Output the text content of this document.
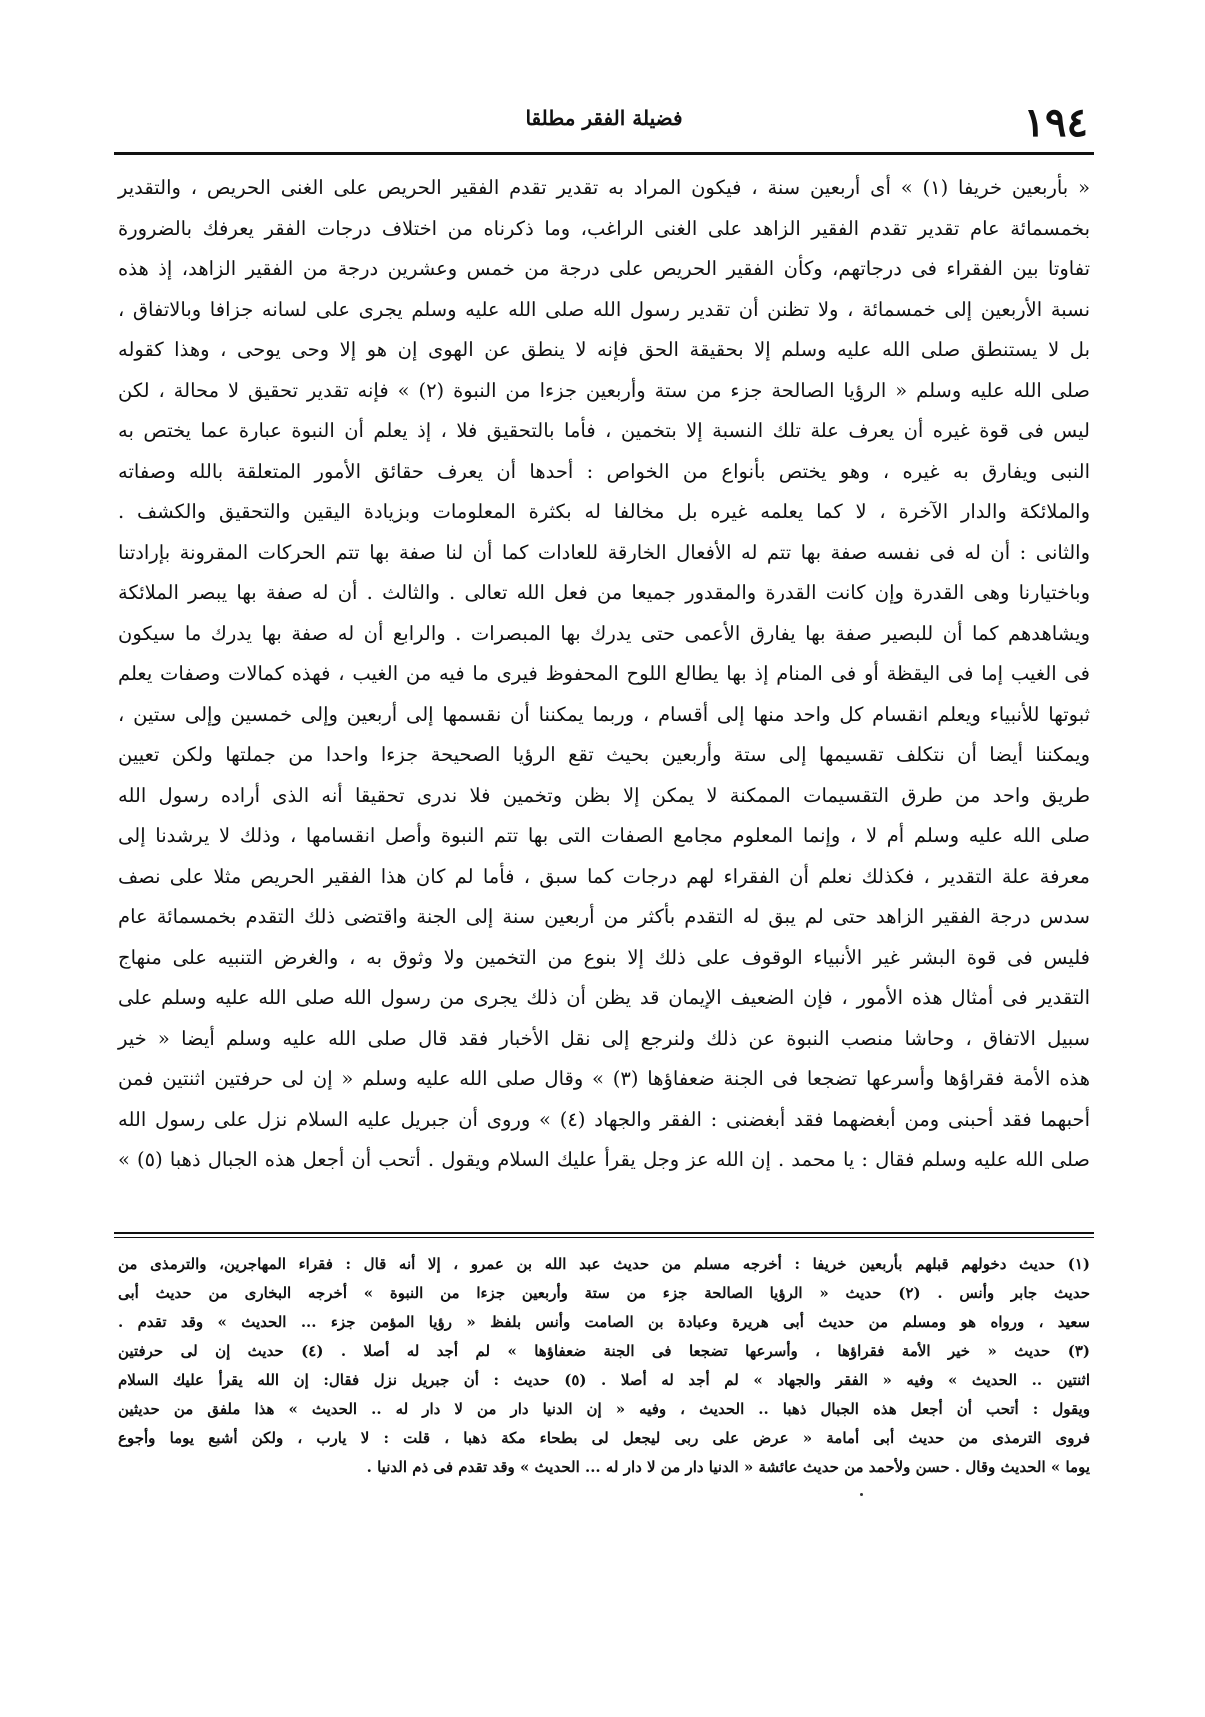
١٩٤
فضيلة الفقر مطلقا
« بأربعين خريفا (١) » أى أربعين سنة ، فيكون المراد به تقدير تقدم الفقير الحريص على الغنى الحريص ، والتقدير
بخمسمائة عام تقدير تقدم الفقير الزاهد على الغنى الراغب، وما ذكرناه من اختلاف درجات الفقر يعرفك بالضرورة
تفاوتا بين الفقراء فى درجاتهم، وكأن الفقير الحريص على درجة من خمس وعشرين درجة من الفقير الزاهد، إذ هذه
نسبة الأربعين إلى خمسمائة ، ولا تظنن أن تقدير رسول الله صلى الله عليه وسلم يجرى على لسانه جزافا وبالاتفاق ،
بل لا يستنطق صلى الله عليه وسلم إلا بحقيقة الحق فإنه لا ينطق عن الهوى إن هو إلا وحى يوحى ، وهذا كقوله
صلى الله عليه وسلم « الرؤيا الصالحة جزء من ستة وأربعين جزءا من النبوة (٢) » فإنه تقدير تحقيق لا محالة ، لكن
ليس فى قوة غيره أن يعرف علة تلك النسبة إلا بتخمين ، فأما بالتحقيق فلا ، إذ يعلم أن النبوة عبارة عما يختص به
النبى ويفارق به غيره ، وهو يختص بأنواع من الخواص : أحدها أن يعرف حقائق الأمور المتعلقة بالله وصفاته
والملائكة والدار الآخرة ، لا كما يعلمه غيره بل مخالفا له بكثرة المعلومات وبزيادة اليقين والتحقيق والكشف .
والثانى : أن له فى نفسه صفة بها تتم له الأفعال الخارقة للعادات كما أن لنا صفة بها تتم الحركات المقرونة بإرادتنا
وباختيارنا وهى القدرة وإن كانت القدرة والمقدور جميعا من فعل الله تعالى . والثالث . أن له صفة بها يبصر الملائكة
ويشاهدهم كما أن للبصير صفة بها يفارق الأعمى حتى يدرك بها المبصرات . والرابع أن له صفة بها يدرك ما سيكون
فى الغيب إما فى اليقظة أو فى المنام إذ بها يطالع اللوح المحفوظ فيرى ما فيه من الغيب ، فهذه كمالات وصفات يعلم
ثبوتها للأنبياء ويعلم انقسام كل واحد منها إلى أقسام ، وربما يمكننا أن نقسمها إلى أربعين وإلى خمسين وإلى ستين ،
ويمكننا أيضا أن نتكلف تقسيمها إلى ستة وأربعين بحيث تقع الرؤيا الصحيحة جزءا واحدا من جملتها ولكن تعيين
طريق واحد من طرق التقسيمات الممكنة لا يمكن إلا بظن وتخمين فلا ندرى تحقيقا أنه الذى أراده رسول الله
صلى الله عليه وسلم أم لا ، وإنما المعلوم مجامع الصفات التى بها تتم النبوة وأصل انقسامها ، وذلك لا يرشدنا إلى
معرفة علة التقدير ، فكذلك نعلم أن الفقراء لهم درجات كما سبق ، فأما لم كان هذا الفقير الحريص مثلا على نصف
سدس درجة الفقير الزاهد حتى لم يبق له التقدم بأكثر من أربعين سنة إلى الجنة واقتضى ذلك التقدم بخمسمائة عام
فليس فى قوة البشر غير الأنبياء الوقوف على ذلك إلا بنوع من التخمين ولا وثوق به ، والغرض التنبيه على منهاج
التقدير فى أمثال هذه الأمور ، فإن الضعيف الإيمان قد يظن أن ذلك يجرى من رسول الله صلى الله عليه وسلم على
سبيل الاتفاق ، وحاشا منصب النبوة عن ذلك ولنرجع إلى نقل الأخبار فقد قال صلى الله عليه وسلم أيضا « خير
هذه الأمة فقراؤها وأسرعها تضجعا فى الجنة ضعفاؤها (٣) » وقال صلى الله عليه وسلم « إن لى حرفتين اثنتين فمن
أحبهما فقد أحبنى ومن أبغضهما فقد أبغضنى : الفقر والجهاد (٤) » وروى أن جبريل عليه السلام نزل على رسول الله
صلى الله عليه وسلم فقال : يا محمد . إن الله عز وجل يقرأ عليك السلام ويقول . أتحب أن أجعل هذه الجبال ذهبا (٥) »
(١) حديث دخولهم قبلهم بأربعين خريفا : أخرجه مسلم من حديث عبد الله بن عمرو ، إلا أنه قال : فقراء المهاجرين، والترمذى من
حديث جابر وأنس . (٢) حديث « الرؤيا الصالحة جزء من ستة وأربعين جزءا من النبوة » أخرجه البخارى من حديث أبى
سعيد ، ورواه هو ومسلم من حديث أبى هريرة وعبادة بن الصامت وأنس بلفظ « رؤيا المؤمن جزء ... الحديث » وقد تقدم .
(٣) حديث « خير الأمة فقراؤها ، وأسرعها تضجعا فى الجنة ضعفاؤها » لم أجد له أصلا . (٤) حديث إن لى حرفتين
اثنتين .. الحديث » وفيه « الفقر والجهاد » لم أجد له أصلا . (٥) حديث : أن جبريل نزل فقال: إن الله يقرأ عليك السلام
ويقول : أتحب أن أجعل هذه الجبال ذهبا .. الحديث ، وفيه « إن الدنيا دار من لا دار له .. الحديث » هذا ملفق من حديثين
فروى الترمذى من حديث أبى أمامة « عرض على ربى ليجعل لى بطحاء مكة ذهبا ، قلت : لا يارب ، ولكن أشبع يوما وأجوع
يوما » الحديث وقال . حسن ولأحمد من حديث عائشة « الدنيا دار من لا دار له ... الحديث » وقد تقدم فى ذم الدنيا .
